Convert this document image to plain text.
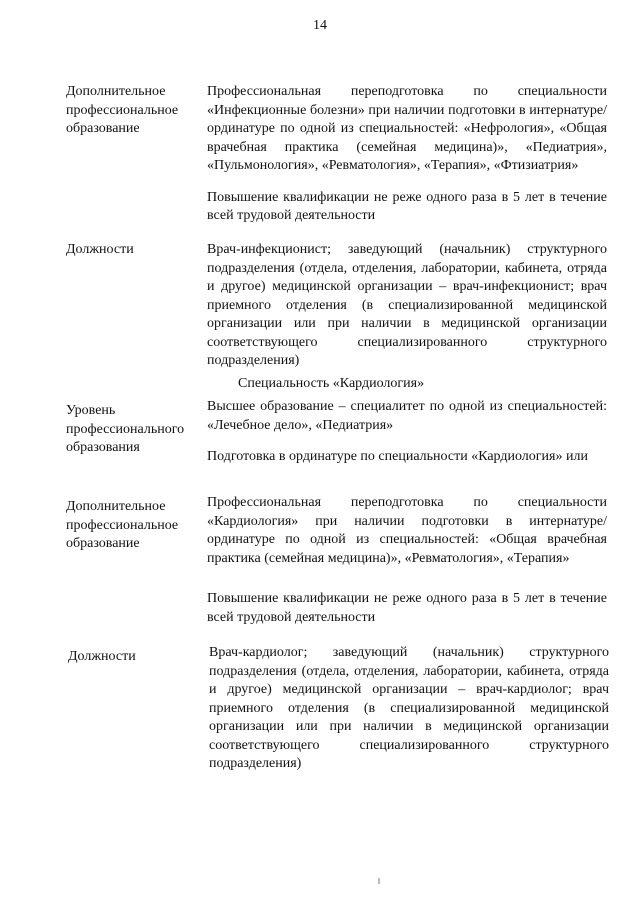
14
Дополнительное профессиональное образование

Профессиональная переподготовка по специальности «Инфекционные болезни» при наличии подготовки в интернатуре/ординатуре по одной из специальностей: «Нефрология», «Общая врачебная практика (семейная медицина)», «Педиатрия», «Пульмонология», «Ревматология», «Терапия», «Фтизиатрия»

Повышение квалификации не реже одного раза в 5 лет в течение всей трудовой деятельности

Должности	Врач-инфекционист; заведующий (начальник) структурного подразделения (отдела, отделения, лаборатории, кабинета, отряда и другое) медицинской организации – врач-инфекционист; врач приемного отделения (в специализированной медицинской организации или при наличии в медицинской организации соответствующего специализированного структурного подразделения)

Специальность «Кардиология»
Уровень профессионального образования

Высшее образование – специалитет по одной из специальностей: «Лечебное дело», «Педиатрия»

Подготовка в ординатуре по специальности «Кардиология» или

Дополнительное профессиональное образование

Профессиональная переподготовка по специальности «Кардиология» при наличии подготовки в интернатуре/ординатуре по одной из специальностей: «Общая врачебная практика (семейная медицина)», «Ревматология», «Терапия»

Повышение квалификации не реже одного раза в 5 лет в течение всей трудовой деятельности

Должности	Врач-кардиолог; заведующий (начальник) структурного подразделения (отдела, отделения, лаборатории, кабинета, отряда и другое) медицинской организации – врач-кардиолог; врач приемного отделения (в специализированной медицинской организации или при наличии в медицинской организации соответствующего специализированного структурного подразделения)
